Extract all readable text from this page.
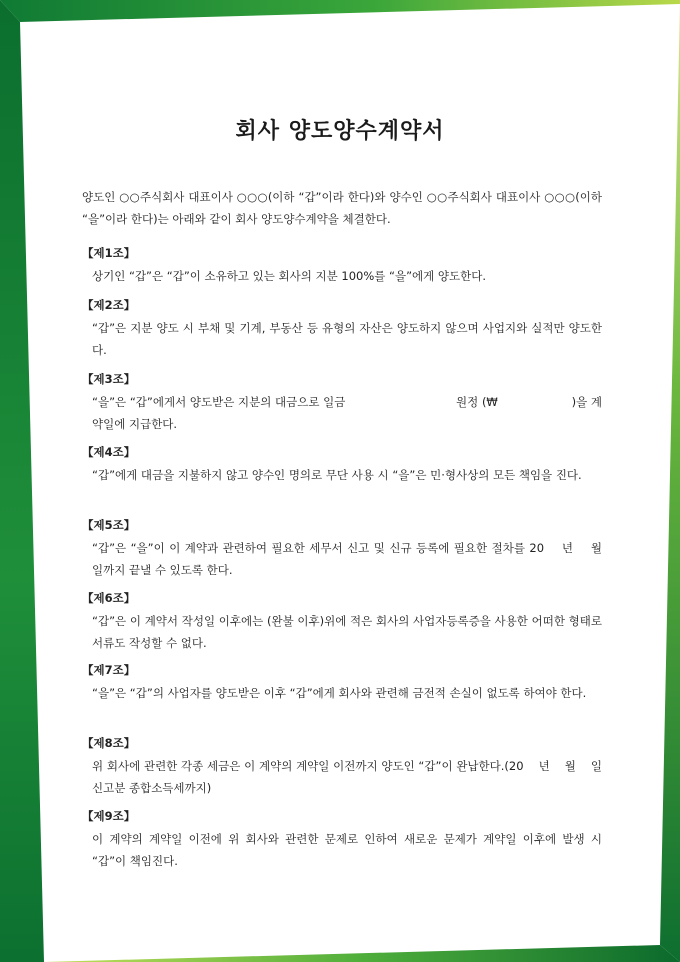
회사 양도양수계약서

양도인 ○○주식회사 대표이사 ○○○(이하 “갑”이라 한다)와 양수인 ○○주식회사 대표이사 ○○○(이하 “을”이라 한다)는 아래와 같이 회사 양도양수계약을 체결한다.

【제1조】

상기인 “갑”은 “갑”이 소유하고 있는 회사의 지분 100%를 “을”에게 양도한다.

【제2조】

“갑”은 지분 양도 시 부채 및 기계, 부동산 등 유형의 자산은 양도하지 않으며 사업지와 실적만 양도한다.

【제3조】

“을”은 “갑”에게서 양도받은 지분의 대금으로 일금                              원정 (₩                    )을 계약일에 지급한다.

【제4조】

“갑”에게 대금을 지불하지 않고 양수인 명의로 무단 사용 시 “을”은 민·형사상의 모든 책임을 진다.

【제5조】

“갑”은 “을”이 이 계약과 관련하여 필요한 세무서 신고 및 신규 등록에 필요한 절차를 20    년    월    일까지 끝낼 수 있도록 한다.

【제6조】

“갑”은 이 계약서 작성일 이후에는 (완불 이후)위에 적은 회사의 사업자등록증을 사용한 어떠한 형태로 서류도 작성할 수 없다.

【제7조】

“을”은 “갑”의 사업자를 양도받은 이후 “갑”에게 회사와 관련해 금전적 손실이 없도록 하여야 한다.

【제8조】

위 회사에 관련한 각종 세금은 이 계약의 계약일 이전까지 양도인 “갑”이 완납한다.(20    년    월    일 신고분 종합소득세까지)

【제9조】

이 계약의 계약일 이전에 위 회사와 관련한 문제로 인하여 새로운 문제가 계약일 이후에 발생 시 “갑”이 책임진다.
